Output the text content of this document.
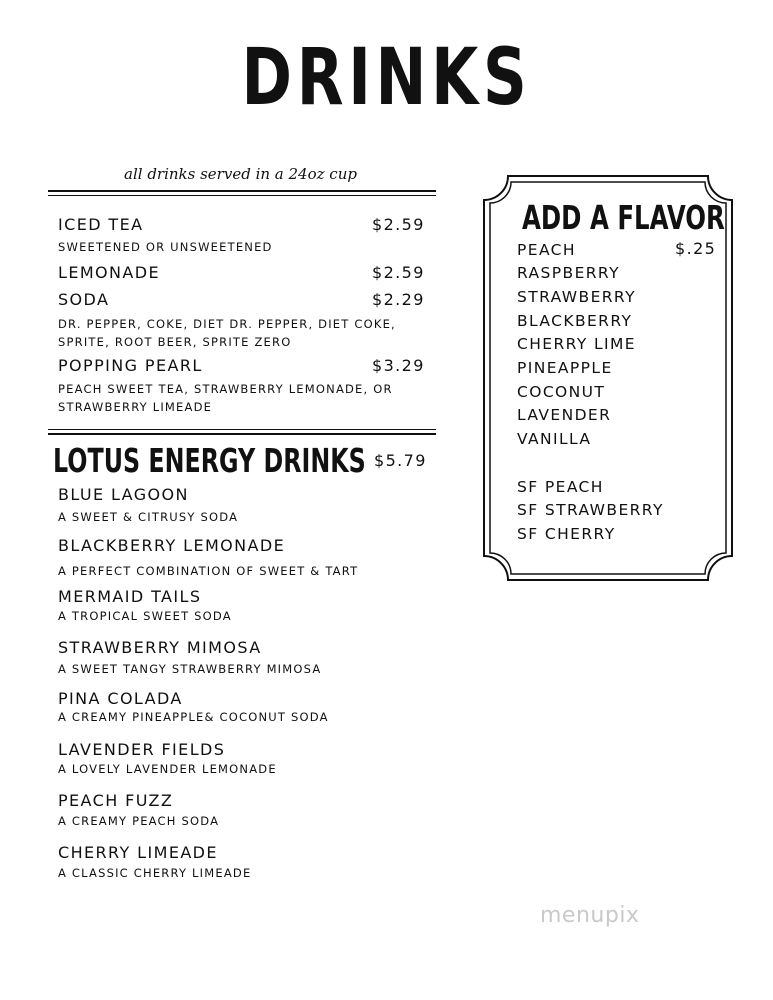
DRINKS
all drinks served in a 24oz cup
ICED TEA	$2.59
SWEETENED OR UNSWEETENED
LEMONADE	$2.59
SODA	$2.29
DR. PEPPER, COKE, DIET DR. PEPPER, DIET COKE,
SPRITE, ROOT BEER, SPRITE ZERO
POPPING PEARL	$3.29
PEACH SWEET TEA, STRAWBERRY LEMONADE, OR
STRAWBERRY LIMEADE
LOTUS ENERGY DRINKS $5.79
BLUE LAGOON
A SWEET & CITRUSY SODA
BLACKBERRY LEMONADE
A PERFECT COMBINATION OF SWEET & TART
MERMAID TAILS
A TROPICAL SWEET SODA
STRAWBERRY MIMOSA
A SWEET TANGY STRAWBERRY MIMOSA
PINA COLADA
A CREAMY PINEAPPLE& COCONUT SODA
LAVENDER FIELDS
A LOVELY LAVENDER LEMONADE
PEACH FUZZ
A CREAMY PEACH SODA
CHERRY LIMEADE
A CLASSIC CHERRY LIMEADE
ADD A FLAVOR
$.25
PEACH
RASPBERRY
STRAWBERRY
BLACKBERRY
CHERRY LIME
PINEAPPLE
COCONUT
LAVENDER
VANILLA
SF PEACH
SF STRAWBERRY
SF CHERRY
menupix
